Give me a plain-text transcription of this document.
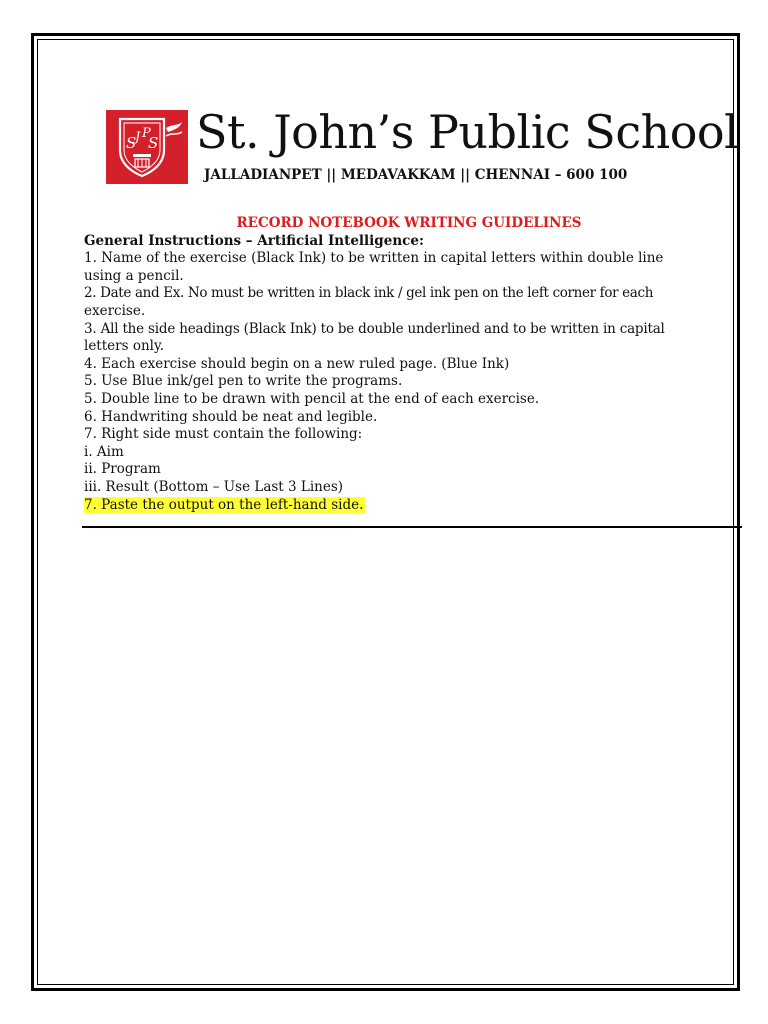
S
J P
S St. John’s Public School
JALLADIANPET || MEDAVAKKAM || CHENNAI – 600 100
RECORD NOTEBOOK WRITING GUIDELINES
General Instructions – Artificial Intelligence:
1. Name of the exercise (Black Ink) to be written in capital letters within double line
using a pencil.
2. Date and Ex. No must be written in black ink / gel ink pen on the left corner for each
exercise.
3. All the side headings (Black Ink) to be double underlined and to be written in capital
letters only.
4. Each exercise should begin on a new ruled page. (Blue Ink)
5. Use Blue ink/gel pen to write the programs.
5. Double line to be drawn with pencil at the end of each exercise.
6. Handwriting should be neat and legible.
7. Right side must contain the following:
i. Aim
ii. Program
iii. Result (Bottom – Use Last 3 Lines)
7. Paste the output on the left-hand side.
